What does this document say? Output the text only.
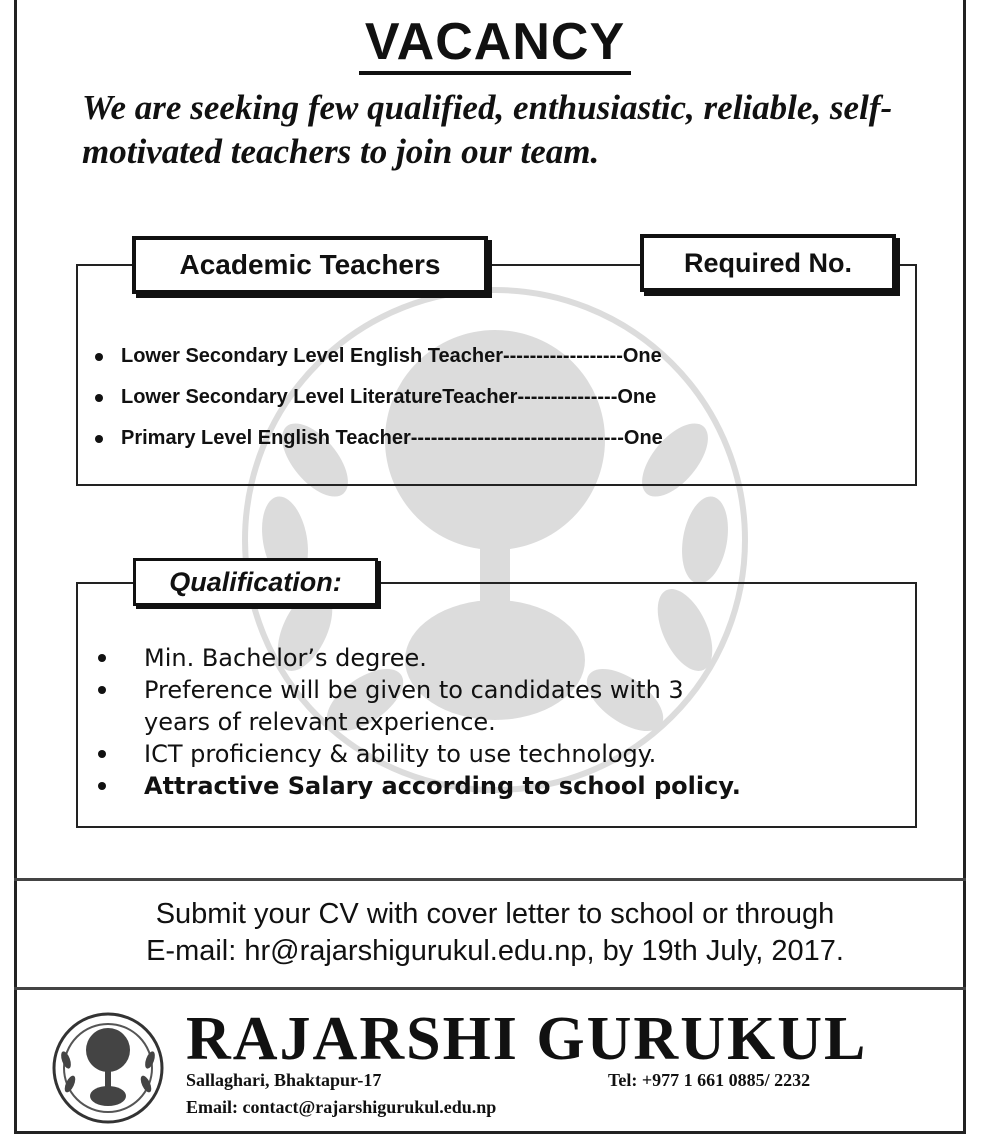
VACANCY
We are seeking few qualified, enthusiastic, reliable, self-motivated teachers to join our team.
Academic Teachers	Required No.
Lower Secondary Level English Teacher------------------One
Lower Secondary Level LiteratureTeacher---------------One
Primary Level English Teacher--------------------------------One
Qualification:
Min. Bachelor’s degree.
Preference will be given to candidates with 3 years of relevant experience.
ICT proficiency & ability to use technology.
Attractive Salary according to school policy.
Submit your CV with cover letter to school or through
E-mail: hr@rajarshigurukul.edu.np, by 19th July, 2017.
RAJARSHI GURUKUL
Sallaghari, Bhaktapur-17	Tel: +977 1 661 0885/ 2232
Email: contact@rajarshigurukul.edu.np
